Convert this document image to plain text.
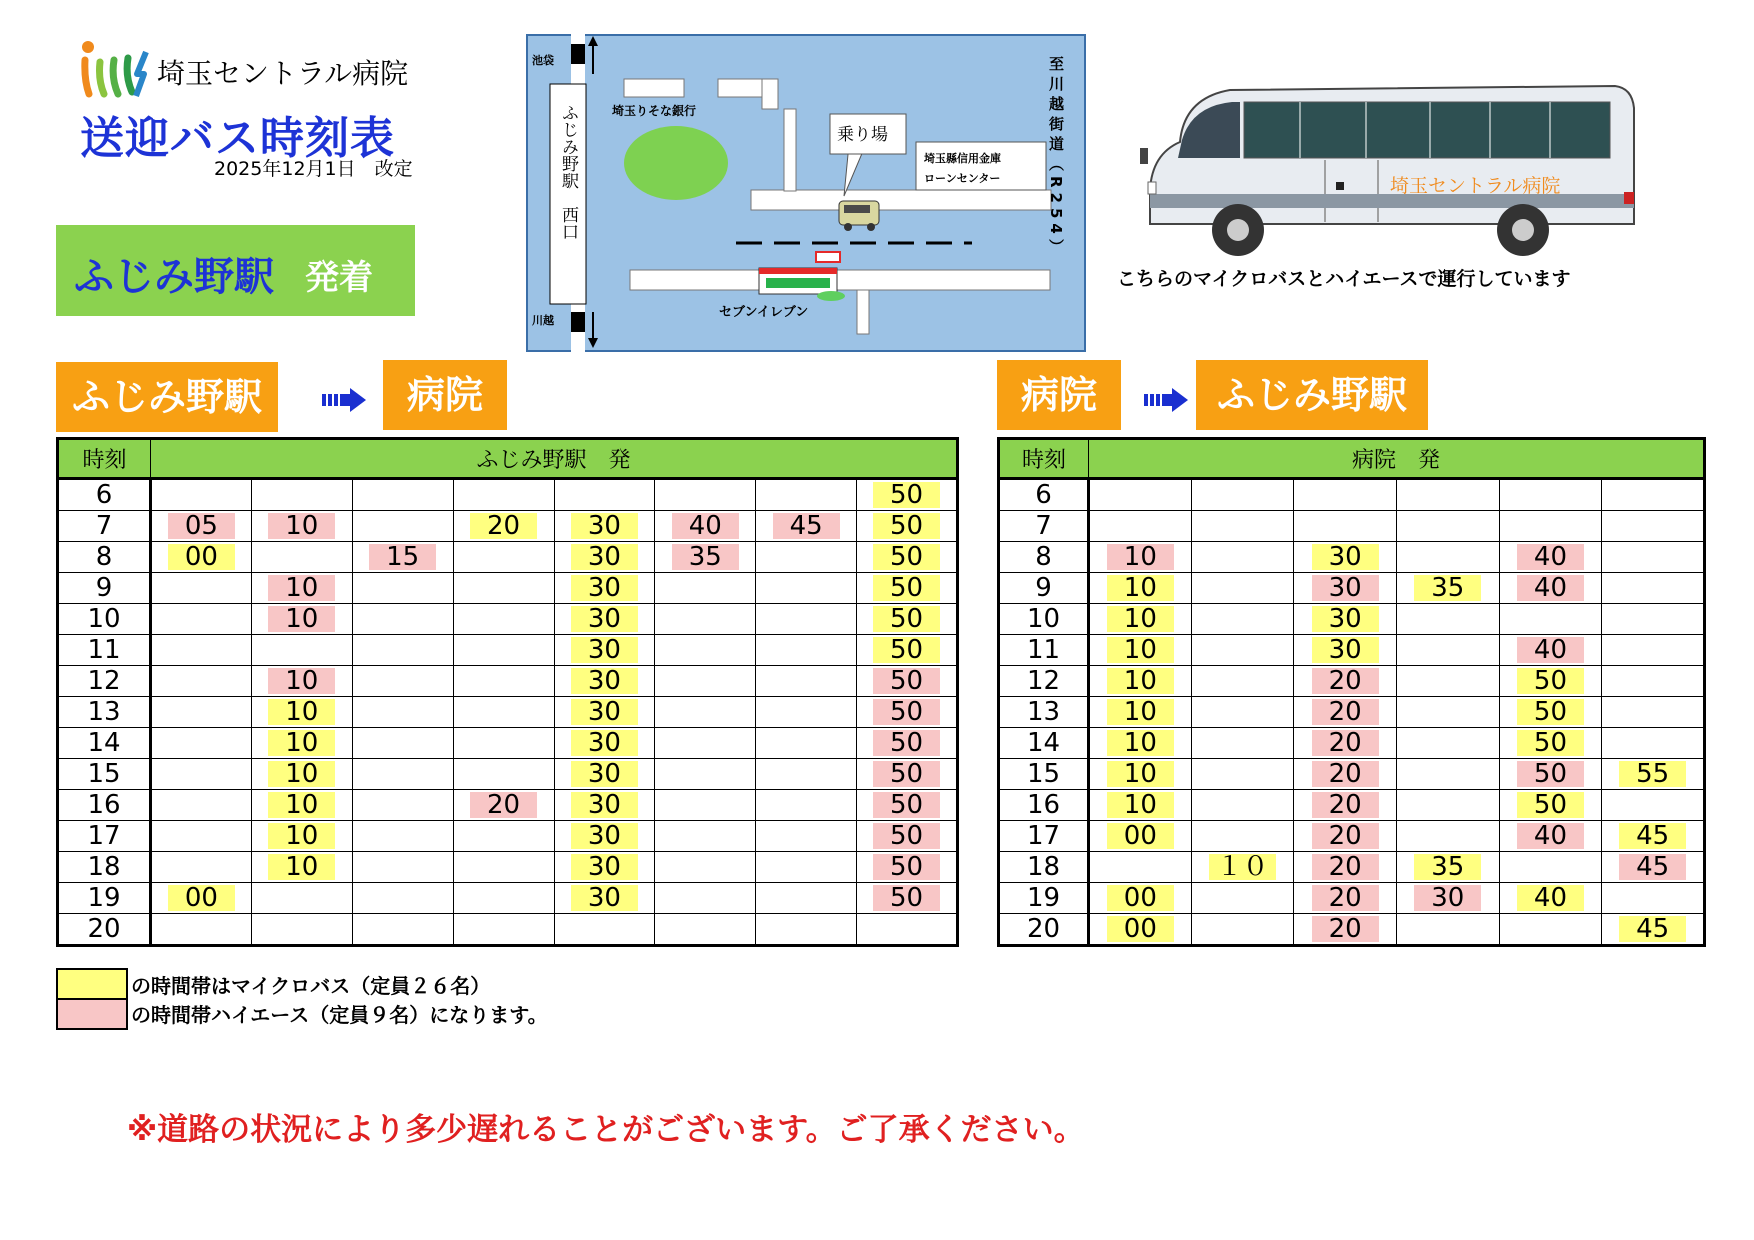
埼玉セントラル病院
送迎バス時刻表
2025年12月1日　改定
ふじみ野駅 発着
池袋
川越
埼玉りそな銀行
乗り場
埼玉縣信用金庫
ローンセンター
セブンイレブン
ふじみ野駅　西口	至川越街道（R254）	埼玉セントラル病院
こちらのマイクロバスとハイエースで運行しています
ふじみ野駅	病院	病院	ふじみ野駅
時刻	ふじみ野駅　発							
6								50
7	05	10		20	30	40	45	50
8	00		15		30	35		50
9		10			30			50
10		10			30			50
11					30			50
12		10			30			50
13		10			30			50
14		10			30			50
15		10			30			50
16		10		20	30			50
17		10			30			50
18		10			30			50
19	00				30			50
20								
時刻	病院　発					
6						
7						
8	10		30		40	
9	10		30	35	40	
10	10		30			
11	10		30		40	
12	10		20		50	
13	10		20		50	
14	10		20		50	
15	10		20		50	55
16	10		20		50	
17	00		20		40	45
18		１０	20	35		45
19	00		20	30	40	
20	00		20			45
の時間帯はマイクロバス（定員２６名）
の時間帯ハイエース（定員９名）になります。
※道路の状況により多少遅れることがございます。ご了承ください。
